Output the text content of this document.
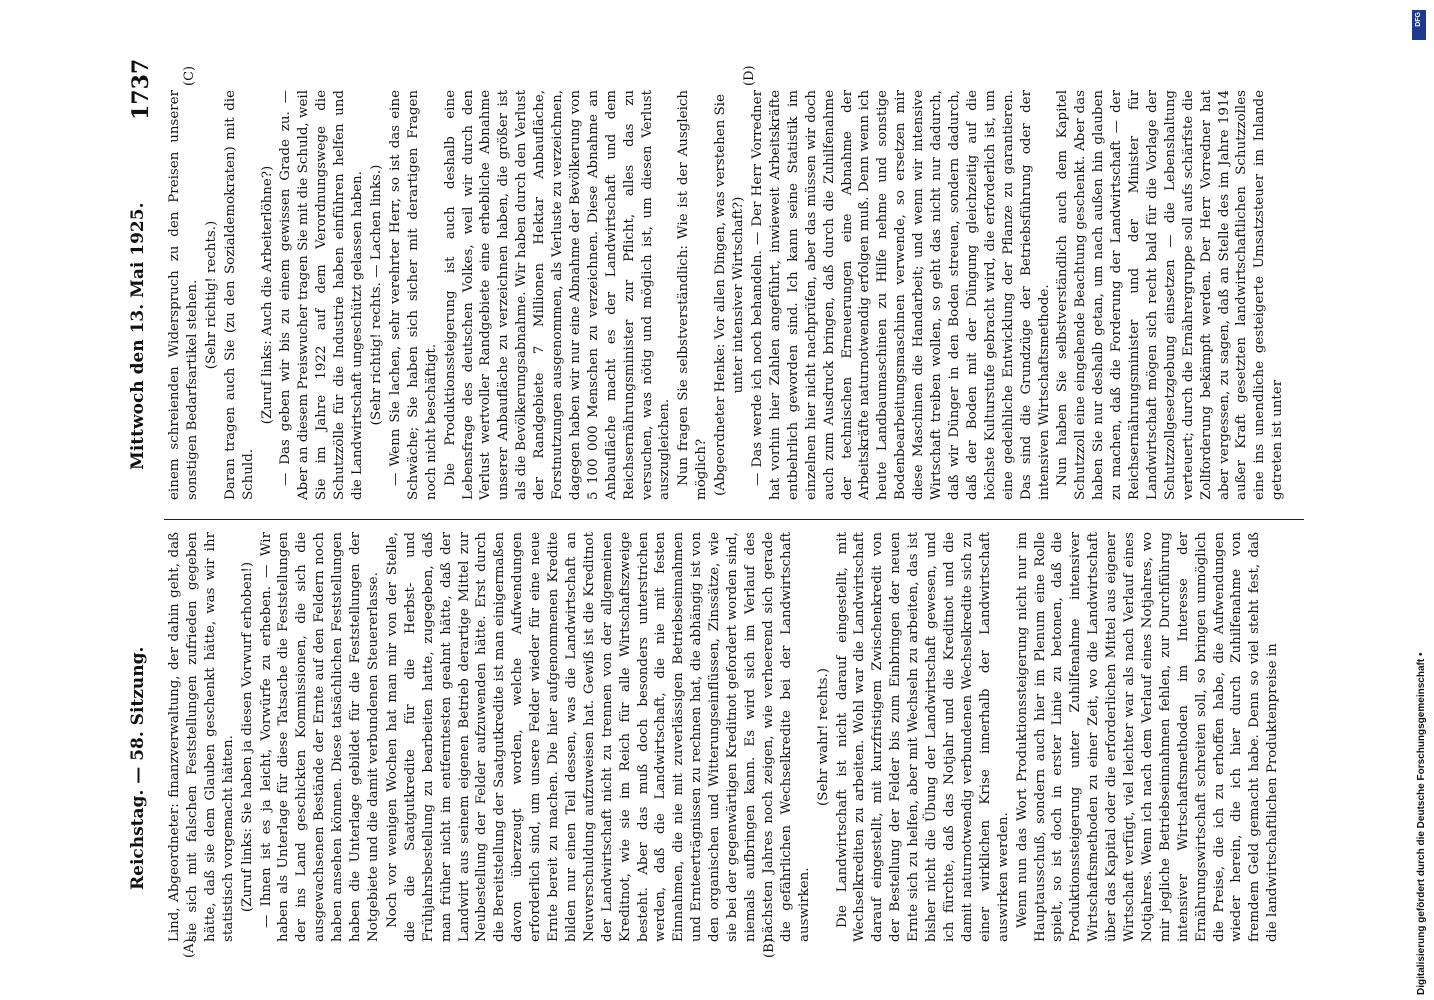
Reichstag. — 58. Sitzung.
Mittwoch den 13. Mai 1925.
1737
(A)	(B)
(C)	(D)

Lind, Abgeordneter: finanzverwaltung, der dahin geht, daß sie sich mit falschen Feststellungen zufrieden gegeben hätte, daß sie dem Glauben geschenkt hätte, was wir ihr statistisch vorgemacht hätten. (Zuruf links: Sie haben ja diesen Vorwurf erhoben!) — Ihnen ist es ja leicht, Vorwürfe zu erheben. — Wir haben als Unterlage für diese Tatsache die Feststellungen der ins Land geschickten Kommissionen, die sich die ausgewachsenen Bestände der Ernte auf den Feldern noch haben ansehen können. Diese tatsächlichen Feststellungen haben die Unterlage gebildet für die Feststellungen der Notgebiete und die damit verbundenen Steuererlasse. Noch vor wenigen Wochen hat man mir von der Stelle, die die Saatgutkredite für die Herbst- und Frühjahrsbestellung zu bearbeiten hatte, zugegeben, daß man früher nicht im entferntesten geahnt hätte, daß der Landwirt aus seinem eigenen Betrieb derartige Mittel zur Neubestellung der Felder aufzuwenden hätte. Erst durch die Bereitstellung der Saatgutkredite ist man einigermaßen davon überzeugt worden, welche Aufwendungen erforderlich sind, um unsere Felder wieder für eine neue Ernte bereit zu machen. Die hier aufgenommenen Kredite bilden nur einen Teil dessen, was die Landwirtschaft an Neuverschuldung aufzuweisen hat. Gewiß ist die Kreditnot der Landwirtschaft nicht zu trennen von der allgemeinen Kreditnot, wie sie im Reich für alle Wirtschaftszweige besteht. Aber das muß doch besonders unterstrichen werden, daß die Landwirtschaft, die nie mit festen Einnahmen, die nie mit zuverlässigen Betriebseinnahmen und Ernteerträgnissen zu rechnen hat, die abhängig ist von den organischen und Witterungseinflüssen, Zinssätze, wie sie bei der gegenwärtigen Kreditnot gefordert worden sind, niemals aufbringen kann. Es wird sich im Verlauf des nächsten Jahres noch zeigen, wie verheerend sich gerade die gefährlichen Wechselkredite bei der Landwirtschaft auswirken.

(Sehr wahr! rechts.) Die Landwirtschaft ist nicht darauf eingestellt, mit Wechselkrediten zu arbeiten. Wohl war die Landwirtschaft darauf eingestellt, mit kurzfristigem Zwischenkredit von der Bestellung der Felder bis zum Einbringen der neuen Ernte sich zu helfen, aber mit Wechseln zu arbeiten, das ist bisher nicht die Übung der Landwirtschaft gewesen, und ich fürchte, daß das Notjahr und die Kreditnot und die damit naturnotwendig verbundenen Wechselkredite sich zu einer wirklichen Krise innerhalb der Landwirtschaft auswirken werden. Wenn nun das Wort Produktionssteigerung nicht nur im Hauptausschuß, sondern auch hier im Plenum eine Rolle spielt, so ist doch in erster Linie zu betonen, daß die Produktionssteigerung unter Zuhilfenahme intensiver Wirtschaftsmethoden zu einer Zeit, wo die Landwirtschaft über das Kapital oder die erforderlichen Mittel aus eigener Wirtschaft verfügt, viel leichter war als nach Verlauf eines Notjahres. Wenn ich nach dem Verlauf eines Notjahres, wo mir jegliche Betriebseinnahmen fehlen, zur Durchführung intensiver Wirtschaftsmethoden im Interesse der Ernährungswirtschaft schreiten soll, so bringen unmöglich die Preise, die ich zu erhoffen habe, die Aufwendungen wieder herein, die ich hier durch Zuhilfenahme von fremdem Geld gemacht habe. Denn so viel steht fest, daß die landwirtschaftlichen Produktenpreise in

einem schreienden Widerspruch zu den Preisen unserer sonstigen Bedarfsartikel stehen. (Sehr richtig! rechts.) Daran tragen auch Sie (zu den Sozialdemokraten) mit die Schuld.

(Zuruf links: Auch die Arbeiterlöhne?) — Das geben wir bis zu einem gewissen Grade zu. — Aber an diesem Preiswucher tragen Sie mit die Schuld, weil Sie im Jahre 1922 auf dem Verordnungswege die Schutzzölle für die Industrie haben einführen helfen und die Landwirtschaft ungeschützt gelassen haben. (Sehr richtig! rechts. — Lachen links.) — Wenn Sie lachen, sehr verehrter Herr, so ist das eine Schwäche; Sie haben sich sicher mit derartigen Fragen noch nicht beschäftigt. Die Produktionssteigerung ist auch deshalb eine Lebensfrage des deutschen Volkes, weil wir durch den Verlust wertvoller Randgebiete eine erhebliche Abnahme unserer Anbaufläche zu verzeichnen haben, die größer ist als die Bevölkerungsabnahme. Wir haben durch den Verlust der Randgebiete 7 Millionen Hektar Anbaufläche, Forstnutzungen ausgenommen, als Verluste zu verzeichnen, dagegen haben wir nur eine Abnahme der Bevölkerung von 5 100 000 Menschen zu verzeichnen. Diese Abnahme an Anbaufläche macht es der Landwirtschaft und dem Reichsernährungsminister zur Pflicht, alles das zu versuchen, was nötig und möglich ist, um diesen Verlust auszugleichen. Nun fragen Sie selbstverständlich: Wie ist der Ausgleich möglich? (Abgeordneter Henke: Vor allen Dingen, was verstehen Sie unter intensiver Wirtschaft?) — Das werde ich noch behandeln. — Der Herr Vorredner hat vorhin hier Zahlen angeführt, inwieweit Arbeitskräfte entbehrlich geworden sind. Ich kann seine Statistik im einzelnen hier nicht nachprüfen, aber das müssen wir doch auch zum Ausdruck bringen, daß durch die Zuhilfenahme der technischen Erneuerungen eine Abnahme der Arbeitskräfte naturnotwendig erfolgen muß. Denn wenn ich heute Landbaumaschinen zu Hilfe nehme und sonstige Bodenbearbeitungsmaschinen verwende, so ersetzen mir diese Maschinen die Handarbeit; und wenn wir intensive Wirtschaft treiben wollen, so geht das nicht nur dadurch, daß wir Dünger in den Boden streuen, sondern dadurch, daß der Boden mit der Düngung gleichzeitig auf die höchste Kulturstufe gebracht wird, die erforderlich ist, um eine gedeihliche Entwicklung der Pflanze zu garantieren. Das sind die Grundzüge der Betriebsführung oder der intensiven Wirtschaftsmethode. Nun haben Sie selbstverständlich auch dem Kapitel Schutzzoll eine eingehende Beachtung geschenkt. Aber das haben Sie nur deshalb getan, um nach außen hin glauben zu machen, daß die Forderung der Landwirtschaft — der Reichsernährungsminister und der Minister für Landwirtschaft mögen sich recht bald für die Vorlage der Schutzzollgesetzgebung einsetzen — die Lebenshaltung verteuert; durch die Ernährergruppe soll aufs schärfste die Zollforderung bekämpft werden. Der Herr Vorredner hat aber vergessen, zu sagen, daß an Stelle des im Jahre 1914 außer Kraft gesetzten landwirtschaftlichen Schutzzolles eine ins unendliche gesteigerte Umsatzsteuer im Inlande getreten ist unter

DFG
Digitalisierung gefördert durch die Deutsche Forschungsgemeinschaft •
